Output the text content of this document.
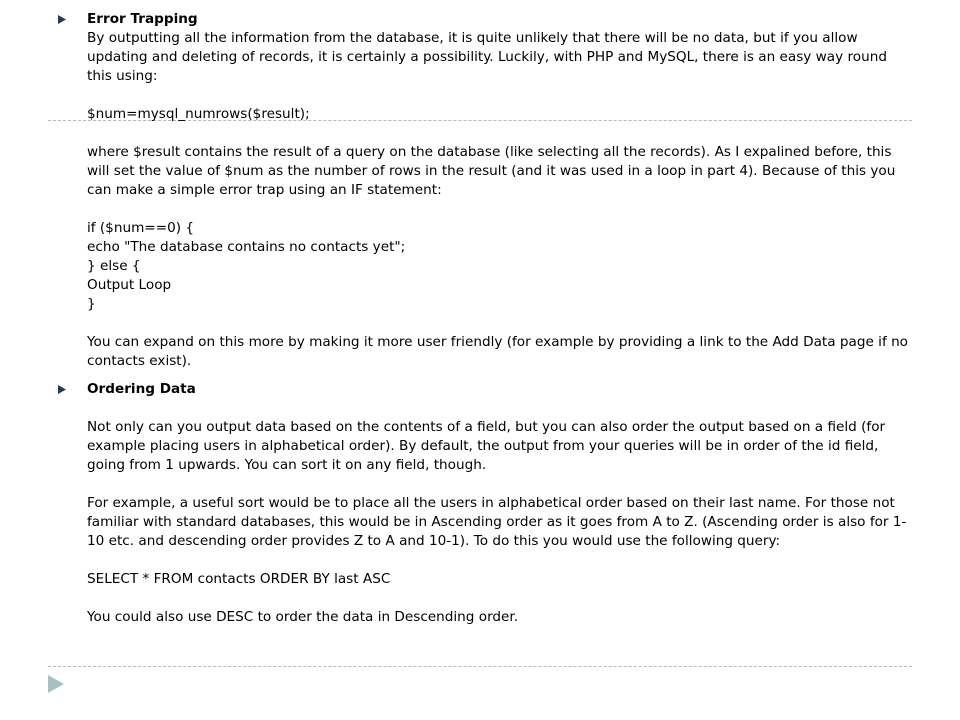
Error Trapping

By outputting all the information from the database, it is quite unlikely that there will be no data, but if you allow updating and deleting of records, it is certainly a possibility. Luckily, with PHP and MySQL, there is an easy way round this using:

$num=mysql_numrows($result);

where $result contains the result of a query on the database (like selecting all the records). As I expalined before, this will set the value of $num as the number of rows in the result (and it was used in a loop in part 4). Because of this you can make a simple error trap using an IF statement:

if ($num==0) {

echo "The database contains no contacts yet";

} else {

Output Loop

}

You can expand on this more by making it more user friendly (for example by providing a link to the Add Data page if no contacts exist).

Ordering Data

Not only can you output data based on the contents of a field, but you can also order the output based on a field (for example placing users in alphabetical order). By default, the output from your queries will be in order of the id field, going from 1 upwards. You can sort it on any field, though.

For example, a useful sort would be to place all the users in alphabetical order based on their last name. For those not familiar with standard databases, this would be in Ascending order as it goes from A to Z. (Ascending order is also for 1-10 etc. and descending order provides Z to A and 10-1). To do this you would use the following query:

SELECT * FROM contacts ORDER BY last ASC

You could also use DESC to order the data in Descending order.
